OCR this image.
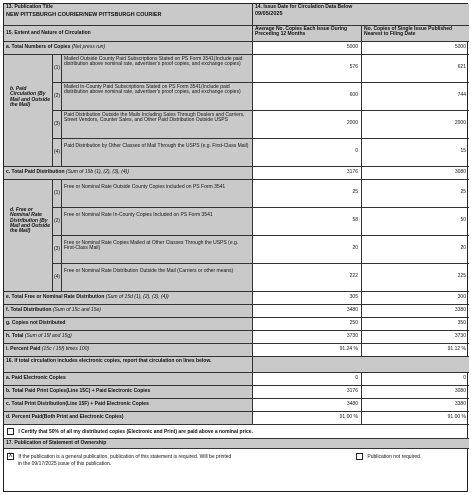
13. Publication Title
NEW PITTSBURGH COURIER/NEW PITTSBURGH COURIER
14. Issue Date for Circulation Data Below
09/05/2025
15. Extent and Nature of Circulation
Average No. Copies Each Issue During Preceding 12 Months
No. Copies of Single Issue Published Nearest to Filing Date
a. Total Numbers of Copies (Net press run)	5000	5000
b. Paid Circulation (By Mail and Outside the Mail)
(1)
Mailed Outside County Paid Subscriptions Stated on PS Form 3541(Include paid distribution above nominal rate, advertiser's proof copies, and exchange copies)	576	621
(2)
Mailed In-County Paid Subscriptions Stated on PS Form 3541(Include paid distribution above nominal rate, advertiser's proof copies, and exchange copies)	600	744
(3)
Paid Distribution Outside the Mails Including Sales Through Dealers and Carriers, Street Vendors, Counter Sales, and Other Paid Distribution Outside USPS	2000	2000
(4)
Paid Distribution by Other Classes of Mail Through the USPS (e.g. First-Class Mail)
0	15
c. Total Paid Distribution (Sum of 15b (1), (2), (3), (4))	3176	3080
d. Free or Nominal Rate Distribution (By Mail and Outside the Mail)
(1)
Free or Nominal Rate Outside County Copies included on PS Form 3541
25	25
(2)
Free or Nominal Rate In-County Copies Included on PS Form 3541
58	50
(3)
Free or Nominal Rate Copies Mailed at Other Classes Through the USPS (e.g. First-Class Mail)	20	20
(4)
Free or Nominal Rate Distribution Outside the Mail (Carriers or other means)
222	225
e. Total Free or Nominal Rate Distribution (Sum of 15d (1), (2), (3), (4))	305	300
f. Total Distribution (Sum of 15c and 15e)	3480	3380
g. Copies not Distributed	250	350
h. Total (Sum of 15f and 15g)	3730	3730
i. Percent Paid (15c / 15f) times 100)	91.24 %	91.12 %
16. If total circulation includes electronic copies, report that circulation on lines below.
a. Paid Electronic Copies	0	0
b. Total Paid Print Copies(Line 15C) + Paid Electronic Copies	3176	3080
c. Total Print Distribution(Line 15F) + Paid Electronic Copies	3480	3380
d. Percent Paid(Both Print and Electronic Copies)	91.00 %	91.00 %
I Certify that 50% of all my distributed copies (Electronic and Print) are paid above a nominal price.
17. Publication of Statement of Ownership
X If the publication is a general publication, publication of this statement is required. Will be printed
in the 09/17/2025 issue of this publication.
Publication not required.
